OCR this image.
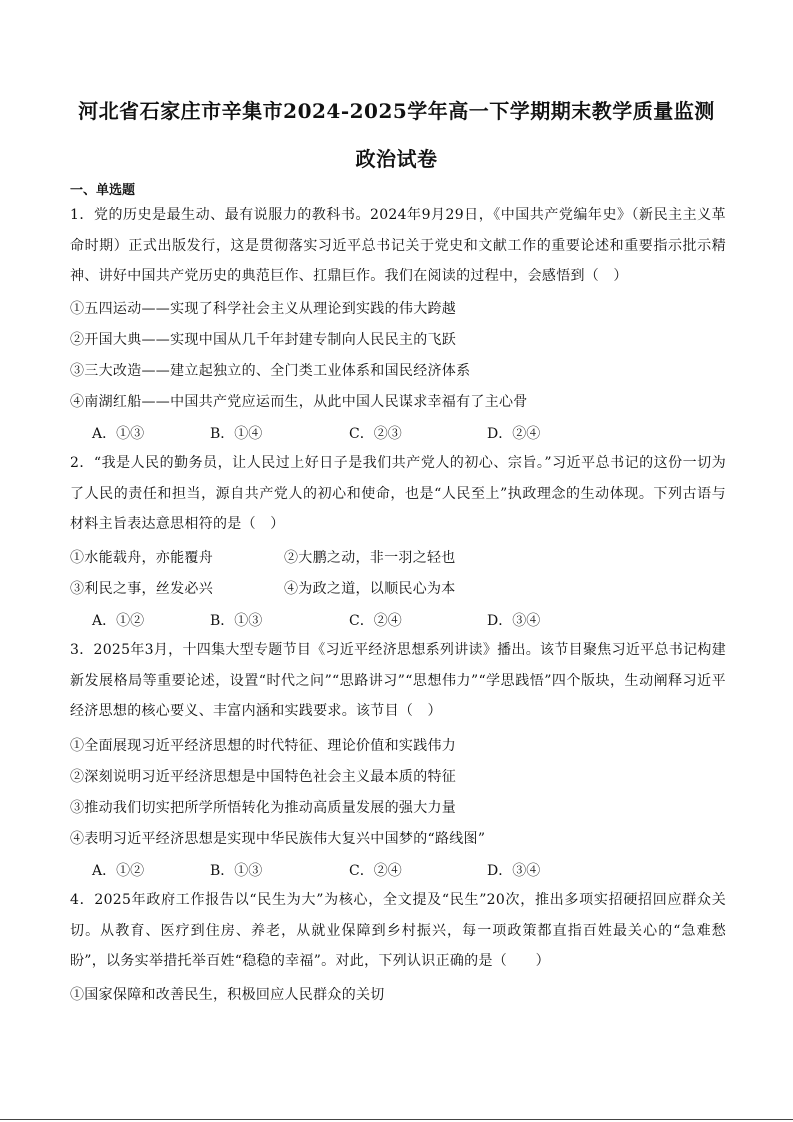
河北省石家庄市辛集市2024-2025学年高一下学期期末教学质量监测
政治试卷
一、单选题
1．党的历史是最生动、最有说服力的教科书。2024年9月29日，《中国共产党编年史》（新民主主义革命时期）正式出版发行，这是贯彻落实习近平总书记关于党史和文献工作的重要论述和重要指示批示精神、讲好中国共产党历史的典范巨作、扛鼎巨作。我们在阅读的过程中，会感悟到（　）
①五四运动——实现了科学社会主义从理论到实践的伟大跨越
②开国大典——实现中国从几千年封建专制向人民民主的飞跃
③三大改造——建立起独立的、全门类工业体系和国民经济体系
④南湖红船——中国共产党应运而生，从此中国人民谋求幸福有了主心骨
A．①③	B．①④	C．②③	D．②④
2．“我是人民的勤务员，让人民过上好日子是我们共产党人的初心、宗旨。”习近平总书记的这份一切为了人民的责任和担当，源自共产党人的初心和使命，也是“人民至上”执政理念的生动体现。下列古语与材料主旨表达意思相符的是（　）
①水能载舟，亦能覆舟	②大鹏之动，非一羽之轻也
③利民之事，丝发必兴	④为政之道，以顺民心为本
A．①②	B．①③	C．②④	D．③④
3．2025年3月，十四集大型专题节目《习近平经济思想系列讲读》播出。该节目聚焦习近平总书记构建新发展格局等重要论述，设置“时代之问”“思路讲习”“思想伟力”“学思践悟”四个版块，生动阐释习近平经济思想的核心要义、丰富内涵和实践要求。该节目（　）
①全面展现习近平经济思想的时代特征、理论价值和实践伟力
②深刻说明习近平经济思想是中国特色社会主义最本质的特征
③推动我们切实把所学所悟转化为推动高质量发展的强大力量
④表明习近平经济思想是实现中华民族伟大复兴中国梦的“路线图”
A．①②	B．①③	C．②④	D．③④
4．2025年政府工作报告以“民生为大”为核心，全文提及“民生”20次，推出多项实招硬招回应群众关切。从教育、医疗到住房、养老，从就业保障到乡村振兴，每一项政策都直指百姓最关心的“急难愁盼”，以务实举措托举百姓“稳稳的幸福”。对此，下列认识正确的是（　　）
①国家保障和改善民生，积极回应人民群众的关切
